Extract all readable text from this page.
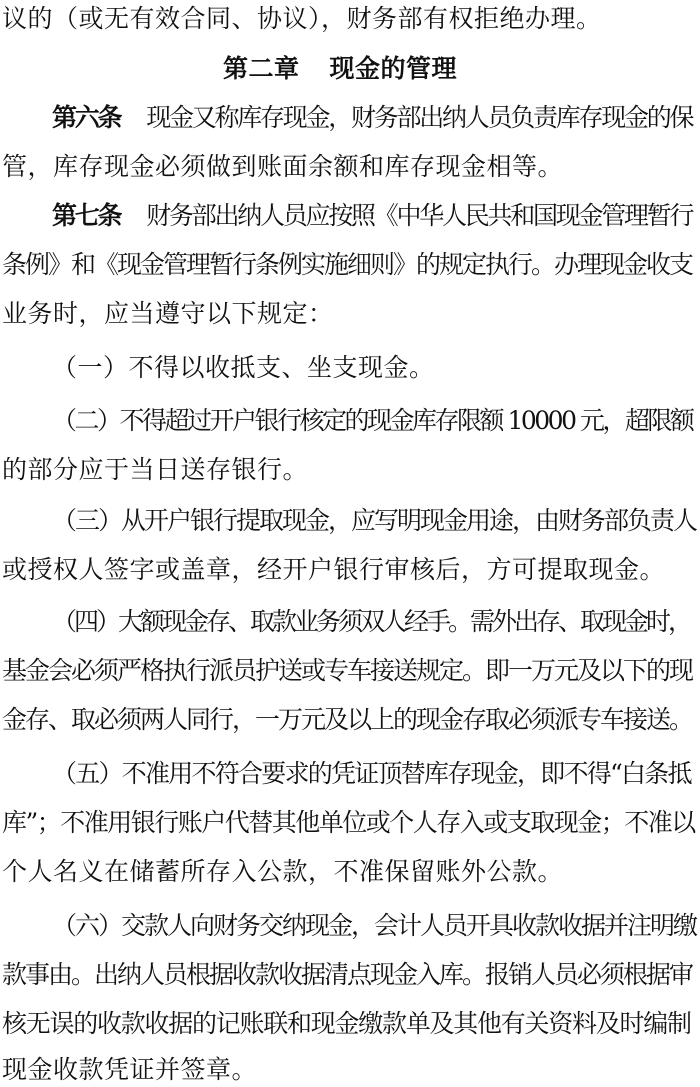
议的（或无有效合同、协议），财务部有权拒绝办理。
第二章 现金的管理
第六条 现金又称库存现金，财务部出纳人员负责库存现金的保
管，库存现金必须做到账面余额和库存现金相等。
第七条 财务部出纳人员应按照《中华人民共和国现金管理暂行
条例》和《现金管理暂行条例实施细则》的规定执行。办理现金收支
业务时，应当遵守以下规定：
（一）不得以收抵支、坐支现金。
（二）不得超过开户银行核定的现金库存限额 10000 元，超限额
的部分应于当日送存银行。
（三）从开户银行提取现金，应写明现金用途，由财务部负责人
或授权人签字或盖章，经开户银行审核后，方可提取现金。
（四）大额现金存、取款业务须双人经手。需外出存、取现金时，
基金会必须严格执行派员护送或专车接送规定。即一万元及以下的现
金存、取必须两人同行，一万元及以上的现金存取必须派专车接送。
（五）不准用不符合要求的凭证顶替库存现金，即不得“白条抵
库”；不准用银行账户代替其他单位或个人存入或支取现金；不准以
个人名义在储蓄所存入公款，不准保留账外公款。
（六）交款人向财务交纳现金，会计人员开具收款收据并注明缴
款事由。出纳人员根据收款收据清点现金入库。报销人员必须根据审
核无误的收款收据的记账联和现金缴款单及其他有关资料及时编制
现金收款凭证并签章。
